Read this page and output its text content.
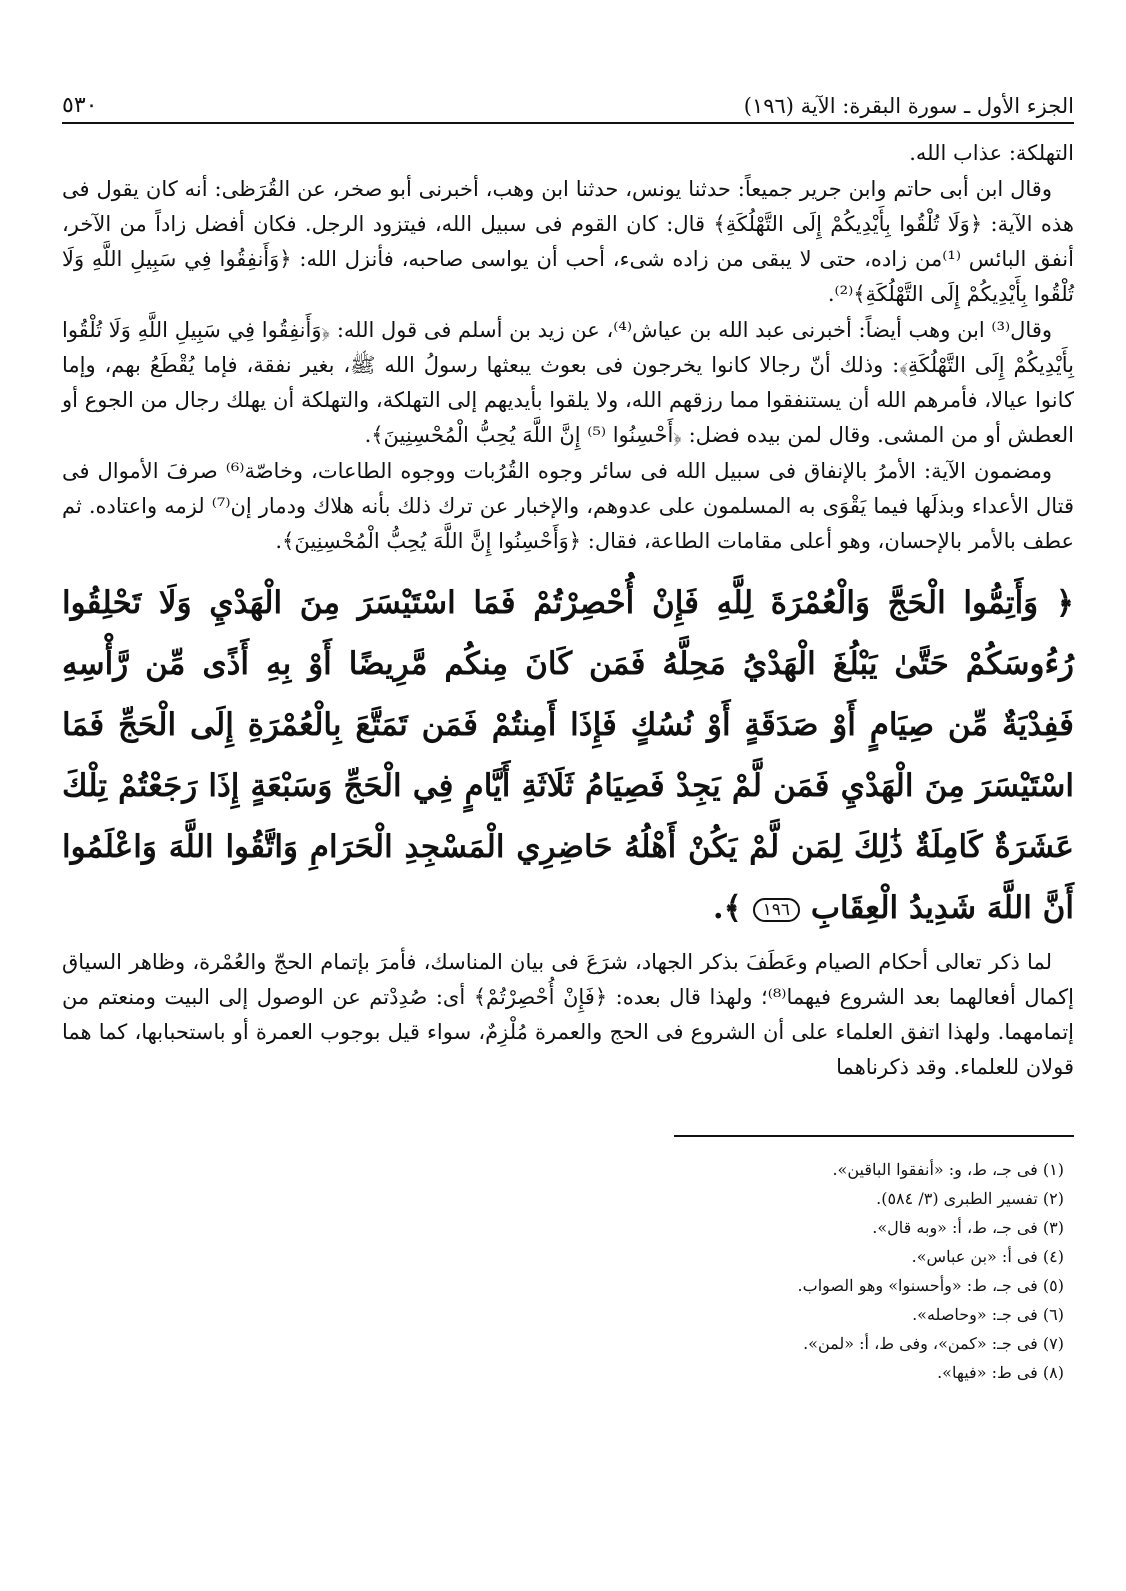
الجزء الأول ـ سورة البقرة: الآية (١٩٦)
٥٣٠

التهلكة: عذاب الله.

وقال ابن أبى حاتم وابن جرير جميعاً: حدثنا يونس، حدثنا ابن وهب، أخبرنى أبو صخر، عن القُرَظى: أنه كان يقول فى هذه الآية: ﴿وَلَا تُلْقُوا بِأَيْدِيكُمْ إِلَى التَّهْلُكَةِ﴾ قال: كان القوم فى سبيل الله، فيتزود الرجل. فكان أفضل زاداً من الآخر، أنفق البائس ⁽¹⁾من زاده، حتى لا يبقى من زاده شىء، أحب أن يواسى صاحبه، فأنزل الله: ﴿وَأَنفِقُوا فِي سَبِيلِ اللَّهِ وَلَا تُلْقُوا بِأَيْدِيكُمْ إِلَى التَّهْلُكَةِ﴾⁽²⁾.

وقال⁽³⁾ ابن وهب أيضاً: أخبرنى عبد الله بن عياش⁽⁴⁾، عن زيد بن أسلم فى قول الله: ﴿وَأَنفِقُوا فِي سَبِيلِ اللَّهِ وَلَا تُلْقُوا بِأَيْدِيكُمْ إِلَى التَّهْلُكَةِ﴾: وذلك أنّ رجالا كانوا يخرجون فى بعوث يبعثها رسولُ الله ﷺ، بغير نفقة، فإما يُقْطَعُ بهم، وإما كانوا عيالا، فأمرهم الله أن يستنفقوا مما رزقهم الله، ولا يلقوا بأيديهم إلى التهلكة، والتهلكة أن يهلك رجال من الجوع أو العطش أو من المشى. وقال لمن بيده فضل: ﴿أَحْسِنُوا ⁽⁵⁾ إِنَّ اللَّهَ يُحِبُّ الْمُحْسِنِينَ﴾.

ومضمون الآية: الأمرُ بالإنفاق فى سبيل الله فى سائر وجوه القُرُبات ووجوه الطاعات، وخاصّة⁽⁶⁾ صرفَ الأموال فى قتال الأعداء وبذلَها فيما يَقْوَى به المسلمون على عدوهم، والإخبار عن ترك ذلك بأنه هلاك ودمار إن⁽⁷⁾ لزمه واعتاده. ثم عطف بالأمر بالإحسان، وهو أعلى مقامات الطاعة، فقال: ﴿وَأَحْسِنُوا إِنَّ اللَّهَ يُحِبُّ الْمُحْسِنِينَ﴾.

﴿ وَأَتِمُّوا الْحَجَّ وَالْعُمْرَةَ لِلَّهِ فَإِنْ أُحْصِرْتُمْ فَمَا اسْتَيْسَرَ مِنَ الْهَدْيِ وَلَا تَحْلِقُوا رُءُوسَكُمْ حَتَّىٰ يَبْلُغَ الْهَدْيُ مَحِلَّهُ فَمَن كَانَ مِنكُم مَّرِيضًا أَوْ بِهِ أَذًى مِّن رَّأْسِهِ فَفِدْيَةٌ مِّن صِيَامٍ أَوْ صَدَقَةٍ أَوْ نُسُكٍ فَإِذَا أَمِنتُمْ فَمَن تَمَتَّعَ بِالْعُمْرَةِ إِلَى الْحَجِّ فَمَا اسْتَيْسَرَ مِنَ الْهَدْيِ فَمَن لَّمْ يَجِدْ فَصِيَامُ ثَلَاثَةِ أَيَّامٍ فِي الْحَجِّ وَسَبْعَةٍ إِذَا رَجَعْتُمْ تِلْكَ عَشَرَةٌ كَامِلَةٌ ذَٰلِكَ لِمَن لَّمْ يَكُنْ أَهْلُهُ حَاضِرِي الْمَسْجِدِ الْحَرَامِ وَاتَّقُوا اللَّهَ وَاعْلَمُوا أَنَّ اللَّهَ شَدِيدُ الْعِقَابِ ١٩٦ ﴾.

لما ذكر تعالى أحكام الصيام وعَطَفَ بذكر الجهاد، شرَعَ فى بيان المناسك، فأمرَ بإتمام الحجّ والعُمْرة، وظاهر السياق إكمال أفعالهما بعد الشروع فيهما⁽⁸⁾؛ ولهذا قال بعده: ﴿فَإِنْ أُحْصِرْتُمْ﴾ أى: صُدِدْتم عن الوصول إلى البيت ومنعتم من إتمامهما. ولهذا اتفق العلماء على أن الشروع فى الحج والعمرة مُلْزِمٌ، سواء قيل بوجوب العمرة أو باستحبابها، كما هما قولان للعلماء. وقد ذكرناهما

(١) فى جـ، ط، و: «أنفقوا الباقين».
(٢) تفسير الطبرى (٣/ ٥٨٤).
(٣) فى جـ، ط، أ: «وبه قال».
(٤) فى أ: «بن عباس».
(٥) فى جـ، ط: «وأحسنوا» وهو الصواب.
(٦) فى جـ: «وحاصله».
(٧) فى جـ: «كمن»، وفى ط، أ: «لمن».
(٨) فى ط: «فيها».
